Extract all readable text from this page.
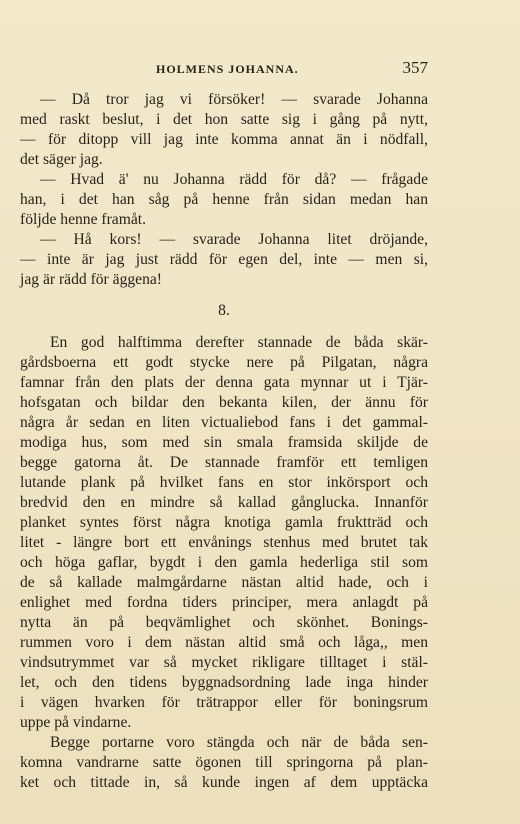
HOLMENS JOHANNA.	357
— Då tror jag vi försöker! — svarade Johanna
med raskt beslut, i det hon satte sig i gång på nytt,
— för ditopp vill jag inte komma annat än i nödfall,
det säger jag.
— Hvad ä' nu Johanna rädd för då? — frågade
han, i det han såg på henne från sidan medan han
följde henne framåt.
— Hå kors! — svarade Johanna litet dröjande,
— inte är jag just rädd för egen del, inte — men si,
jag är rädd för äggena!
8.
En god halftimma derefter stannade de båda skär-
gårdsboerna ett godt stycke nere på Pilgatan, några
famnar från den plats der denna gata mynnar ut i Tjär-
hofsgatan och bildar den bekanta kilen, der ännu för
några år sedan en liten victualiebod fans i det gammal-
modiga hus, som med sin smala framsida skiljde de
begge gatorna åt. De stannade framför ett temligen
lutande plank på hvilket fans en stor inkörsport och
bredvid den en mindre så kallad gånglucka. Innanför
planket syntes först några knotiga gamla fruktträd och
litet - längre bort ett envånings stenhus med brutet tak
och höga gaflar, bygdt i den gamla hederliga stil som
de så kallade malmgårdarne nästan altid hade, och i
enlighet med fordna tiders principer, mera anlagdt på
nytta än på beqvämlighet och skönhet. Bonings-
rummen voro i dem nästan altid små och låga,, men
vindsutrymmet var så mycket rikligare tilltaget i stäl-
let, och den tidens byggnadsordning lade inga hinder
i vägen hvarken för trätrappor eller för boningsrum
uppe på vindarne.
Begge portarne voro stängda och när de båda sen-
komna vandrarne satte ögonen till springorna på plan-
ket och tittade in, så kunde ingen af dem upptäcka
